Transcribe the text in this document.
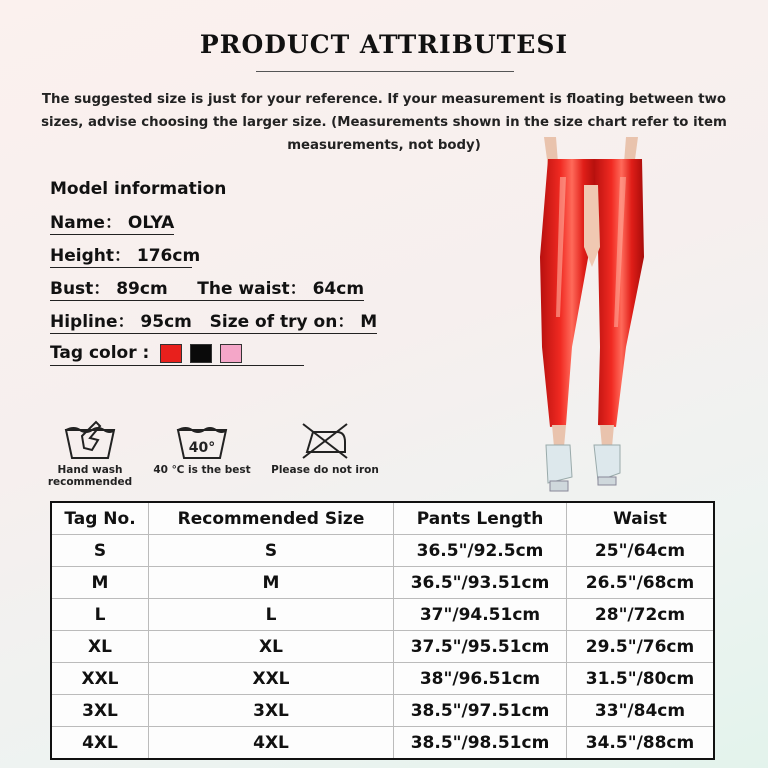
PRODUCT ATTRIBUTESI
The suggested size is just for your reference. If your measurement is floating between two sizes, advise choosing the larger size. (Measurements shown in the size chart refer to item measurements, not body)
Model information
Name： OLYA
Height： 176cm
Bust： 89cm     The waist： 64cm
Hipline： 95cm   Size of try on： M
Tag color :
Hand wash recommended
40°
40 ℃ is the best	Please do not iron
Tag No.	Recommended Size	Pants Length	Waist
S	S	36.5"/92.5cm	25"/64cm
M	M	36.5"/93.51cm	26.5"/68cm
L	L	37"/94.51cm	28"/72cm
XL	XL	37.5"/95.51cm	29.5"/76cm
XXL	XXL	38"/96.51cm	31.5"/80cm
3XL	3XL	38.5"/97.51cm	33"/84cm
4XL	4XL	38.5"/98.51cm	34.5"/88cm
